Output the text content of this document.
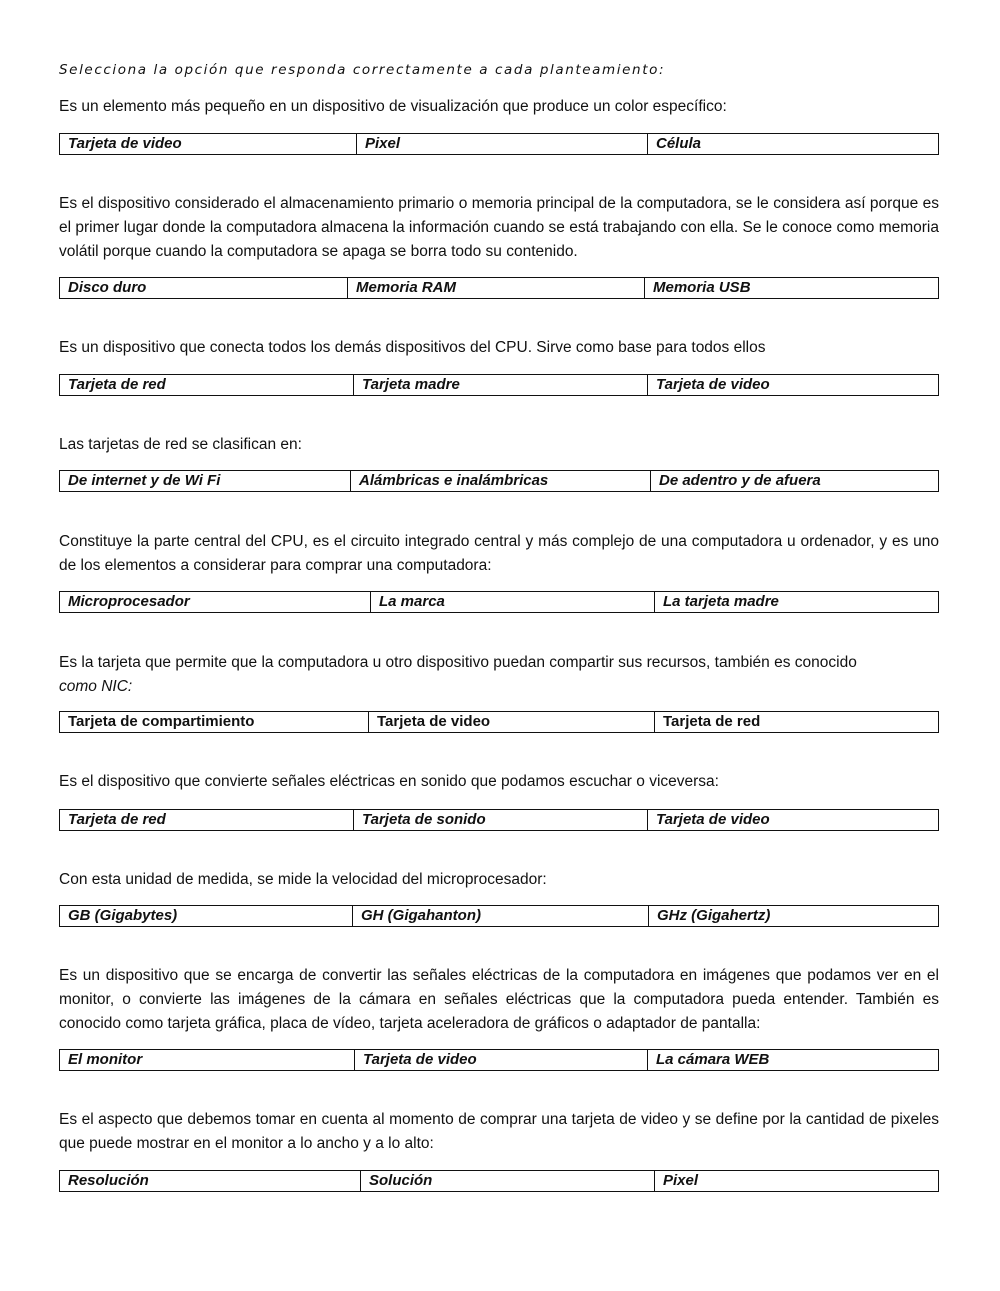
Selecciona la opción que responda correctamente a cada planteamiento:

Es un elemento más pequeño en un dispositivo de visualización que produce un color específico:

Tarjeta de video	Pixel	Célula

Es el dispositivo considerado el almacenamiento primario o memoria principal de la computadora, se le considera así porque es el primer lugar donde la computadora almacena la información cuando se está trabajando con ella. Se le conoce como memoria volátil porque cuando la computadora se apaga se borra todo su contenido.

Disco duro	Memoria RAM	Memoria USB

Es un dispositivo que conecta todos los demás dispositivos del CPU. Sirve como base para todos ellos

Tarjeta de red	Tarjeta madre	Tarjeta de video

Las tarjetas de red se clasifican en:

De internet y de Wi Fi	Alámbricas e inalámbricas	De adentro y de afuera

Constituye la parte central del CPU, es el circuito integrado central y más complejo de una computadora u ordenador, y es uno de los elementos a considerar para comprar una computadora:

Microprocesador	La marca	La tarjeta madre

Es la tarjeta que permite que la computadora u otro dispositivo puedan compartir sus recursos, también es conocido
como NIC:

Tarjeta de compartimiento	Tarjeta de video	Tarjeta de red

Es el dispositivo que convierte señales eléctricas en sonido que podamos escuchar o viceversa:

Tarjeta de red	Tarjeta de sonido	Tarjeta de video

Con esta unidad de medida, se mide la velocidad del microprocesador:

GB (Gigabytes)	GH (Gigahanton)	GHz (Gigahertz)

Es un dispositivo que se encarga de convertir las señales eléctricas de la computadora en imágenes que podamos ver en el monitor, o convierte las imágenes de la cámara en señales eléctricas que la computadora pueda entender. También es conocido como tarjeta gráfica, placa de vídeo, tarjeta aceleradora de gráficos o adaptador de pantalla:

El monitor	Tarjeta de video	La cámara WEB

Es el aspecto que debemos tomar en cuenta al momento de comprar una tarjeta de video y se define por la cantidad de pixeles que puede mostrar en el monitor a lo ancho y a lo alto:

Resolución	Solución	Pixel
